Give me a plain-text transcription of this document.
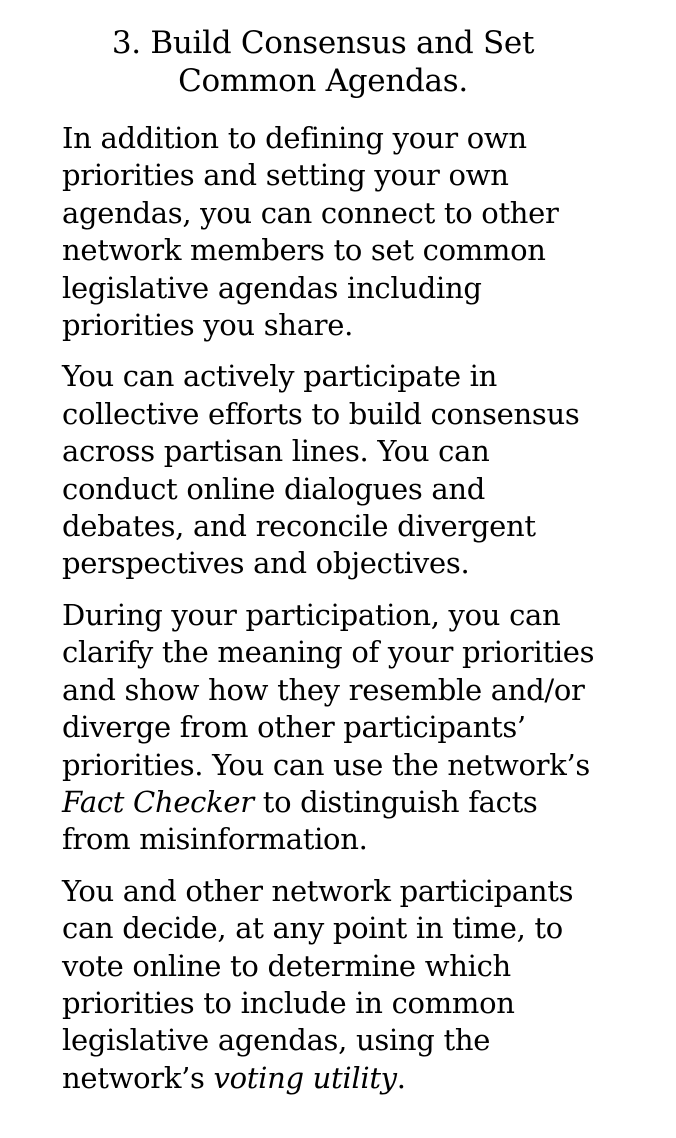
3. Build Consensus and Set
Common Agendas.

In addition to defining your own
priorities and setting your own
agendas, you can connect to other
network members to set common
legislative agendas including
priorities you share.

You can actively participate in
collective efforts to build consensus
across partisan lines. You can
conduct online dialogues and
debates, and reconcile divergent
perspectives and objectives.

During your participation, you can
clarify the meaning of your priorities
and show how they resemble and/or
diverge from other participants’
priorities. You can use the network’s
Fact Checker to distinguish facts
from misinformation.

You and other network participants
can decide, at any point in time, to
vote online to determine which
priorities to include in common
legislative agendas, using the
network’s voting utility.
